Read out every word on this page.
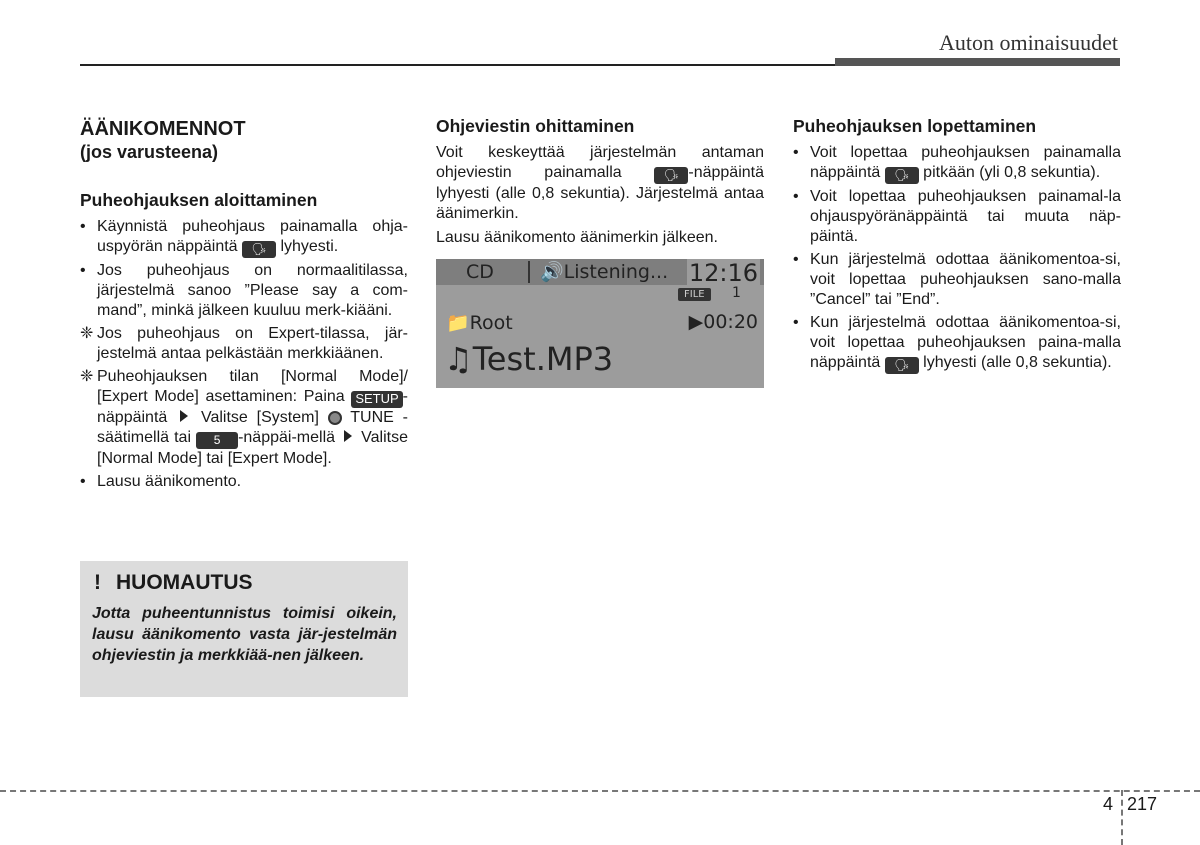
Auton ominaisuudet
ÄÄNIKOMENNOT
(jos varusteena)
Puheohjauksen aloittaminen
• Käynnistä puheohjaus painamalla ohja-uspyörän näppäintä 🗣 lyhyesti.
• Jos puheohjaus on normaalitilassa, järjestelmä sanoo ”Please say a com-mand”, minkä jälkeen kuuluu merk-kiääni.
❈ Jos puheohjaus on Expert-tilassa, jär-jestelmä antaa pelkästään merkkiäänen.
❈ Puheohjauksen tilan [Normal Mode]/ [Expert Mode] asettaminen: Paina SETUP -näppäintä  Valitse [System]  TUNE -säätimellä tai 5 -näppäi-mellä  Valitse [Normal Mode] tai [Expert Mode].
• Lausu äänikomento.
! HUOMAUTUS
Jotta puheentunnistus toimisi oikein, lausu äänikomento vasta jär-jestelmän ohjeviestin ja merkkiää-nen jälkeen.
Ohjeviestin ohittaminen

Voit keskeyttää järjestelmän antaman ohjeviestin painamalla 🗣 -näppäintä lyhyesti (alle 0,8 sekuntia). Järjestelmä antaa äänimerkin.

Lausu äänikomento äänimerkin jälkeen.

CD 🔊Listening... 12:16
FILE	1
📁Root	▶00:20
♫Test.MP3
Puheohjauksen lopettaminen
• Voit lopettaa puheohjauksen painamalla näppäintä 🗣 pitkään (yli 0,8 sekuntia).
• Voit lopettaa puheohjauksen painamal-la ohjauspyöränäppäintä tai muuta näp-päintä.
• Kun järjestelmä odottaa äänikomentoa-si, voit lopettaa puheohjauksen sano-malla ”Cancel” tai ”End”.
• Kun järjestelmä odottaa äänikomentoa-si, voit lopettaa puheohjauksen paina-malla näppäintä 🗣 lyhyesti (alle 0,8 sekuntia).
4 217
